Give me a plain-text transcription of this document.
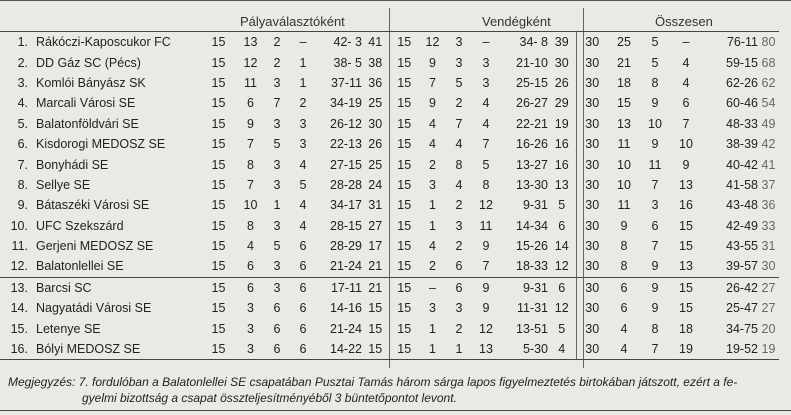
Pályaválasztóként	Vendégként	Összesen
1.	Rákóczi-Kaposcukor FC	15	13	2	–	42- 3	41	15	12	3	–	34- 8	39	30	25	5	–	76-11	80
2.	DD Gáz SC (Pécs)	15	12	2	1	38- 5	38	15	9	3	3	21-10	30	30	21	5	4	59-15	68
3.	Komlói Bányász SK	15	11	3	1	37-11	36	15	7	5	3	25-15	26	30	18	8	4	62-26	62
4.	Marcali Városi SE	15	6	7	2	34-19	25	15	9	2	4	26-27	29	30	15	9	6	60-46	54
5.	Balatonföldvári SE	15	9	3	3	26-12	30	15	4	7	4	22-21	19	30	13	10	7	48-33	49
6.	Kisdorogi MEDOSZ SE	15	7	5	3	22-13	26	15	4	4	7	16-26	16	30	11	9	10	38-39	42
7.	Bonyhádi SE	15	8	3	4	27-15	25	15	2	8	5	13-27	16	30	10	11	9	40-42	41
8.	Sellye SE	15	7	3	5	28-28	24	15	3	4	8	13-30	13	30	10	7	13	41-58	37
9.	Bátaszéki Városi SE	15	10	1	4	34-17	31	15	1	2	12	9-31	5	30	11	3	16	43-48	36
10.	UFC Szekszárd	15	8	3	4	28-15	27	15	1	3	11	14-34	6	30	9	6	15	42-49	33
11.	Gerjeni MEDOSZ SE	15	4	5	6	28-29	17	15	4	2	9	15-26	14	30	8	7	15	43-55	31
12.	Balatonlellei SE	15	6	3	6	21-24	21	15	2	6	7	18-33	12	30	8	9	13	39-57	30
13.	Barcsi SC	15	6	3	6	17-11	21	15	–	6	9	9-31	6	30	6	9	15	26-42	27
14.	Nagyatádi Városi SE	15	3	6	6	14-16	15	15	3	3	9	11-31	12	30	6	9	15	25-47	27
15.	Letenye SE	15	3	6	6	21-24	15	15	1	2	12	13-51	5	30	4	8	18	34-75	20
16.	Bólyi MEDOSZ SE	15	3	6	6	14-22	15	15	1	1	13	5-30	4	30	4	7	19	19-52	19

Megjegyzés: 7. fordulóban a Balatonlellei SE csapatában Pusztai Tamás három sárga lapos figyelmeztetés birtokában játszott, ezért a fe-

gyelmi bizottság a csapat összteljesítményéből 3 büntetőpontot levont.
